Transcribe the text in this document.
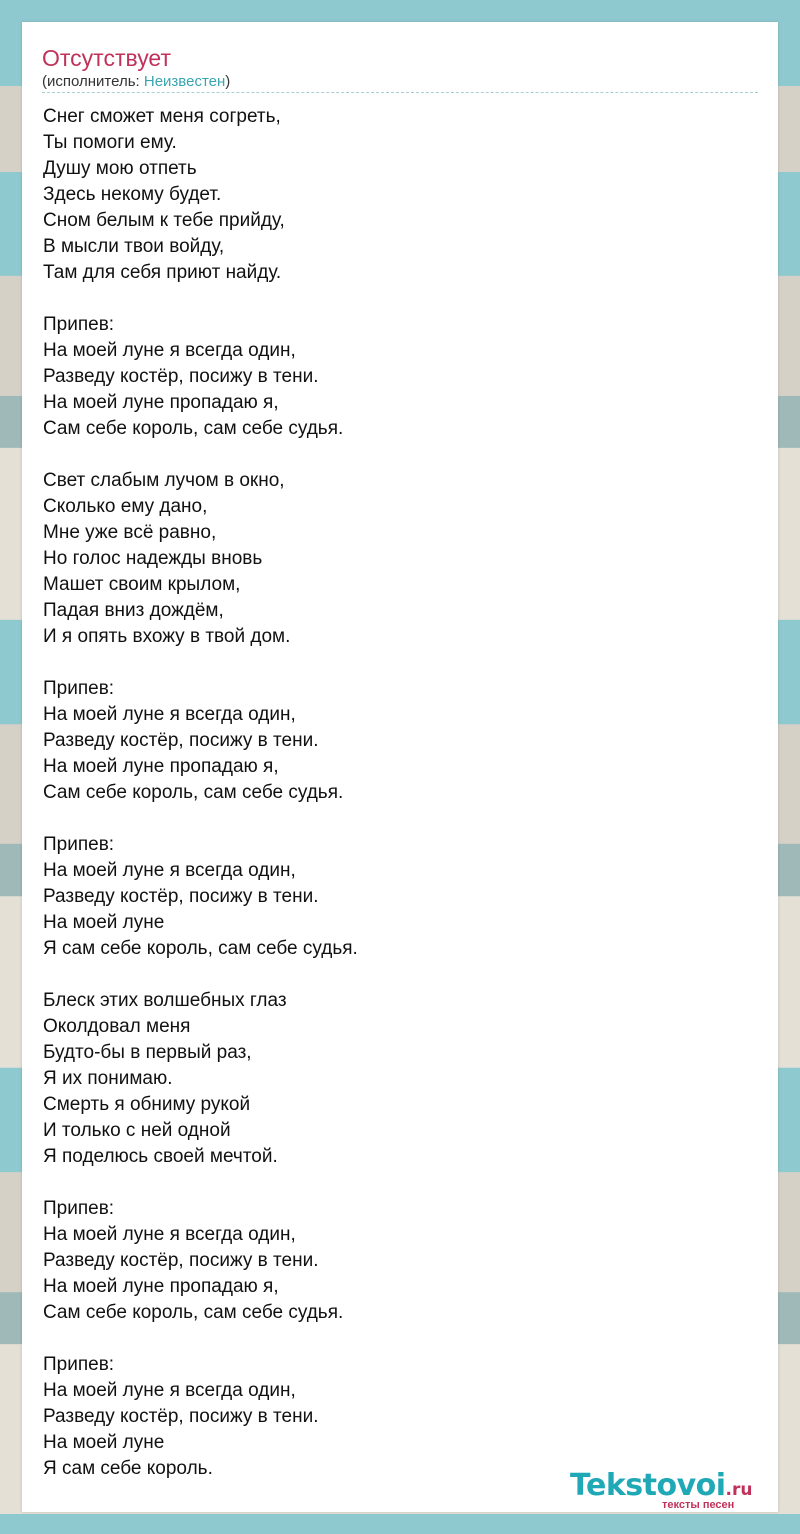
Отсутствует
(исполнитель: Неизвестен)
Снег сможет меня согреть,
Ты помоги ему.
Душу мою отпеть
Здесь некому будет.
Сном белым к тебе прийду,
В мысли твои войду,
Там для себя приют найду.
Припев:
На моей луне я всегда один,
Разведу костёр, посижу в тени.
На моей луне пропадаю я,
Сам себе король, сам себе судья.
Свет слабым лучом в окно,
Сколько ему дано,
Мне уже всё равно,
Но голос надежды вновь
Машет своим крылом,
Падая вниз дождём,
И я опять вхожу в твой дом.
Припев:
На моей луне я всегда один,
Разведу костёр, посижу в тени.
На моей луне пропадаю я,
Сам себе король, сам себе судья.
Припев:
На моей луне я всегда один,
Разведу костёр, посижу в тени.
На моей луне
Я сам себе король, сам себе судья.
Блеск этих волшебных глаз
Околдовал меня
Будто-бы в первый раз,
Я их понимаю.
Смерть я обниму рукой
И только с ней одной
Я поделюсь своей мечтой.
Припев:
На моей луне я всегда один,
Разведу костёр, посижу в тени.
На моей луне пропадаю я,
Сам себе король, сам себе судья.
Припев:
На моей луне я всегда один,
Разведу костёр, посижу в тени.
На моей луне
Я сам себе король.	Tekstovoi.ru
тексты песен
